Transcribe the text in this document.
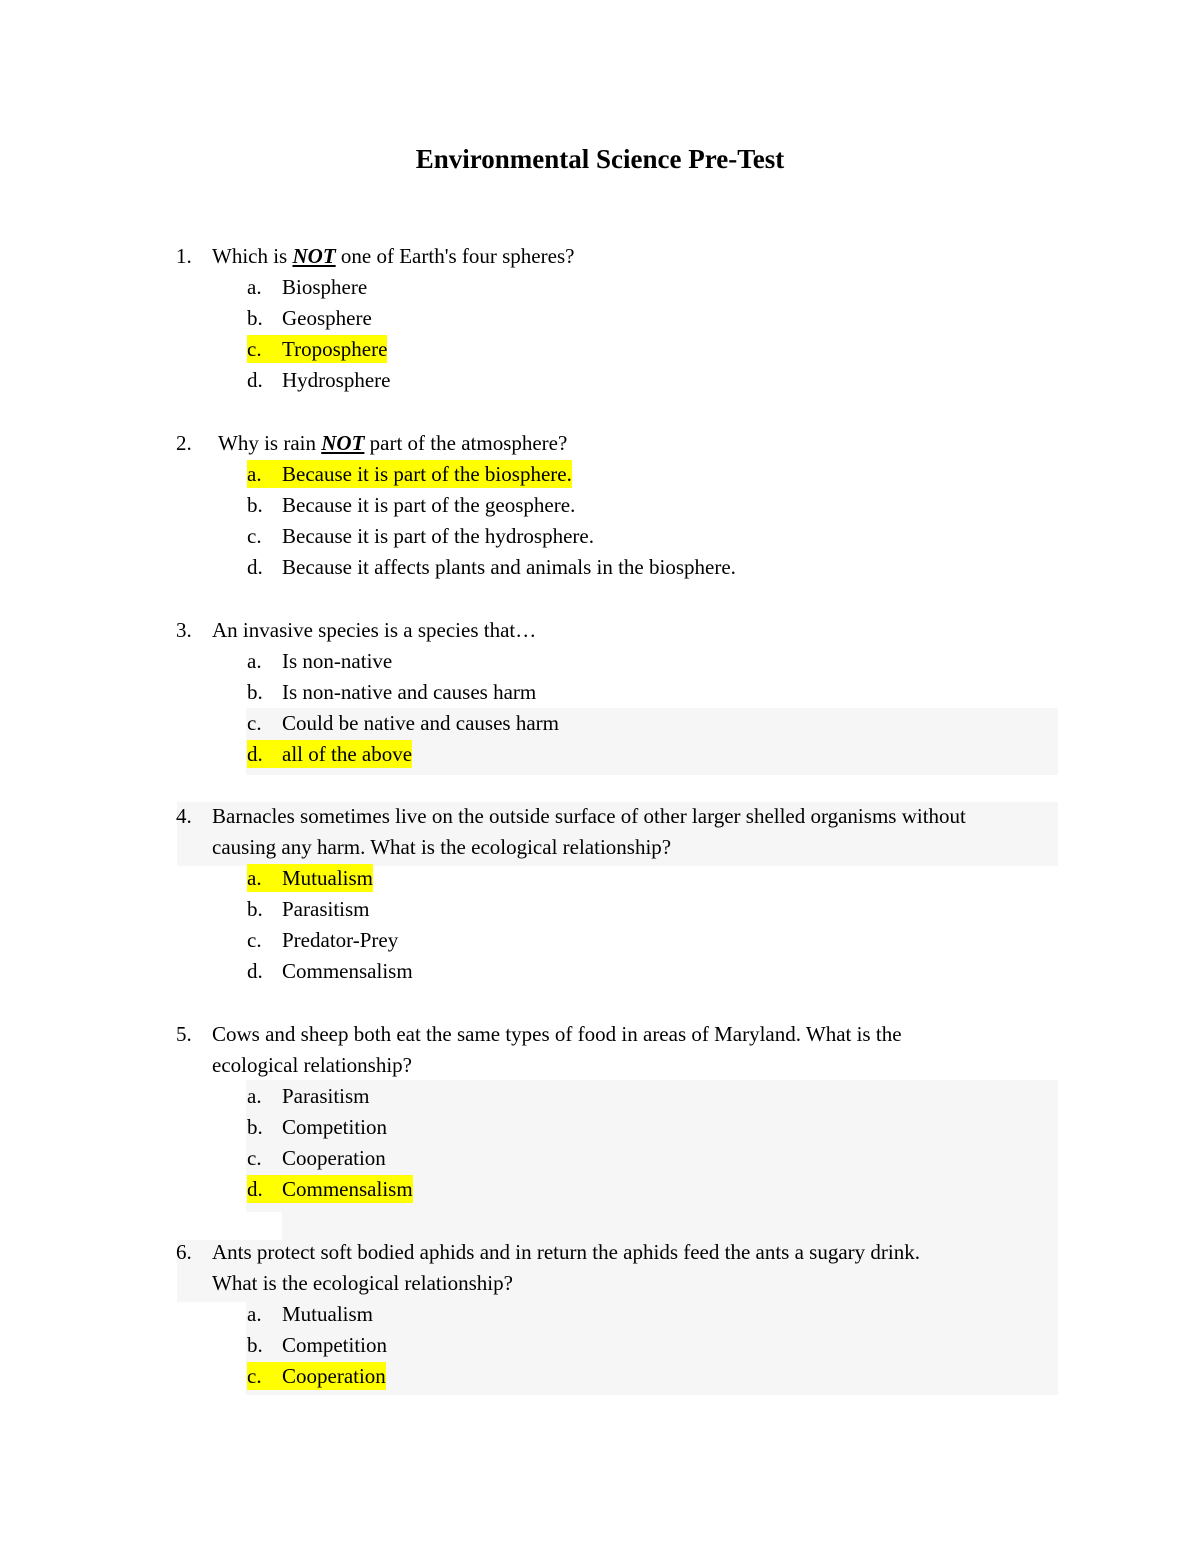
Environmental Science Pre-Test
1. Which is NOT one of Earth's four spheres?
a. Biosphere
b. Geosphere
c. Troposphere
d. Hydrosphere
2. Why is rain NOT part of the atmosphere?
a. Because it is part of the biosphere.
b. Because it is part of the geosphere.
c. Because it is part of the hydrosphere.
d. Because it affects plants and animals in the biosphere.
3. An invasive species is a species that…
a. Is non-native
b. Is non-native and causes harm
c. Could be native and causes harm
d. all of the above
4. Barnacles sometimes live on the outside surface of other larger shelled organisms without
causing any harm. What is the ecological relationship?
a. Mutualism
b. Parasitism
c. Predator-Prey
d. Commensalism
5. Cows and sheep both eat the same types of food in areas of Maryland. What is the
ecological relationship?
a. Parasitism
b. Competition
c. Cooperation
d. Commensalism
6. Ants protect soft bodied aphids and in return the aphids feed the ants a sugary drink.
What is the ecological relationship?
a. Mutualism
b. Competition
c. Cooperation
